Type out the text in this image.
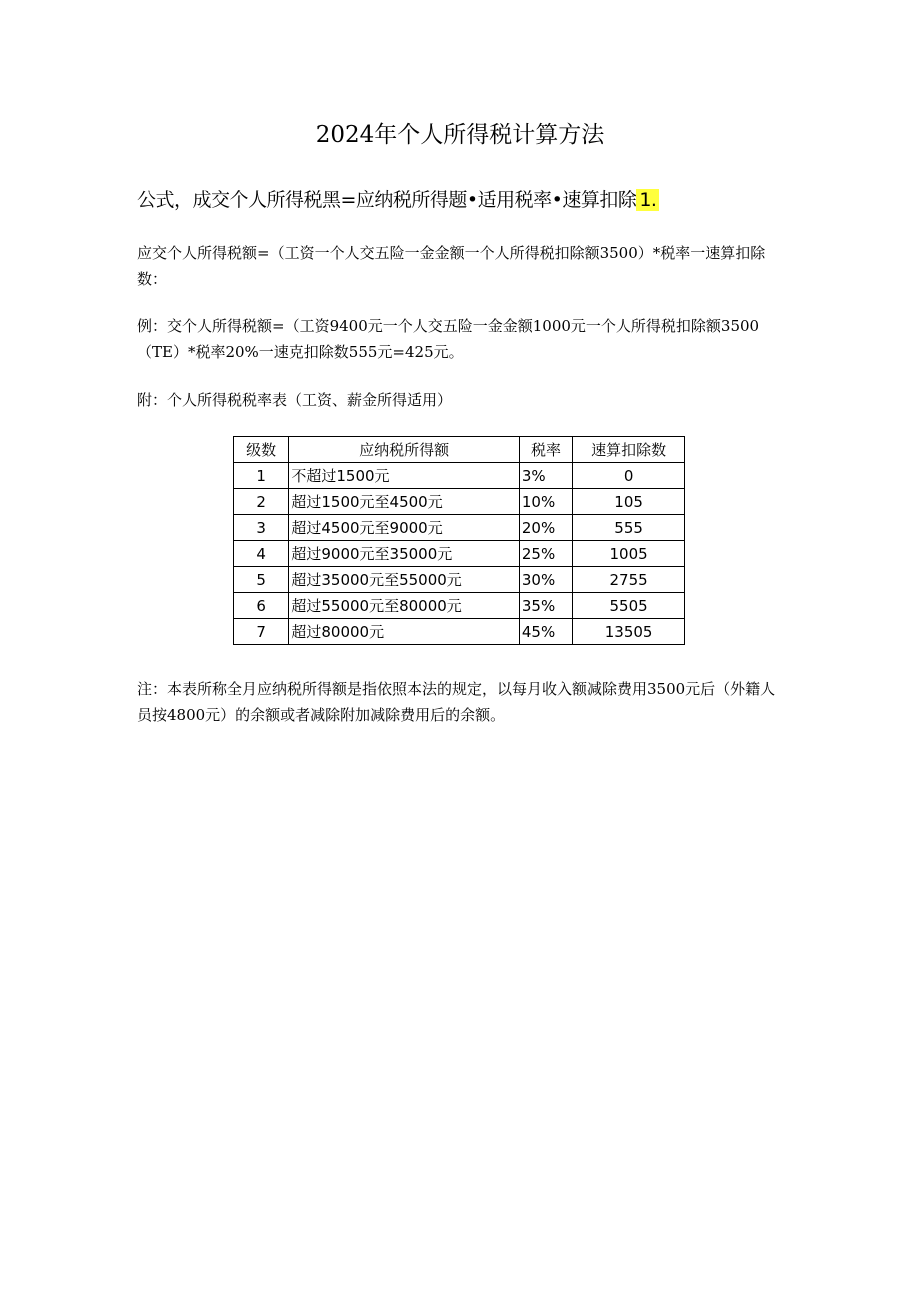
2024年个人所得税计算方法
公式，成交个人所得税黑=应纳税所得题•适用税率•速算扣除 1.
应交个人所得税额=（工资一个人交五险一金金额一个人所得税扣除额3500）*税率一速算扣除数：
例：交个人所得税额=（工资9400元一个人交五险一金金额1000元一个人所得税扣除额3500（TE）*税率20%一速克扣除数555元=425元。
附：个人所得税税率表（工资、薪金所得适用）
级数	应纳税所得额	税率	速算扣除数
1	不超过1500元	3%	0
2	超过1500元至4500元	10%	105
3	超过4500元至9000元	20%	555
4	超过9000元至35000元	25%	1005
5	超过35000元至55000元	30%	2755
6	超过55000元至80000元	35%	5505
7	超过80000元	45%	13505
注：本表所称全月应纳税所得额是指依照本法的规定，以每月收入额减除费用3500元后（外籍人员按4800元）的余额或者减除附加减除费用后的余额。
